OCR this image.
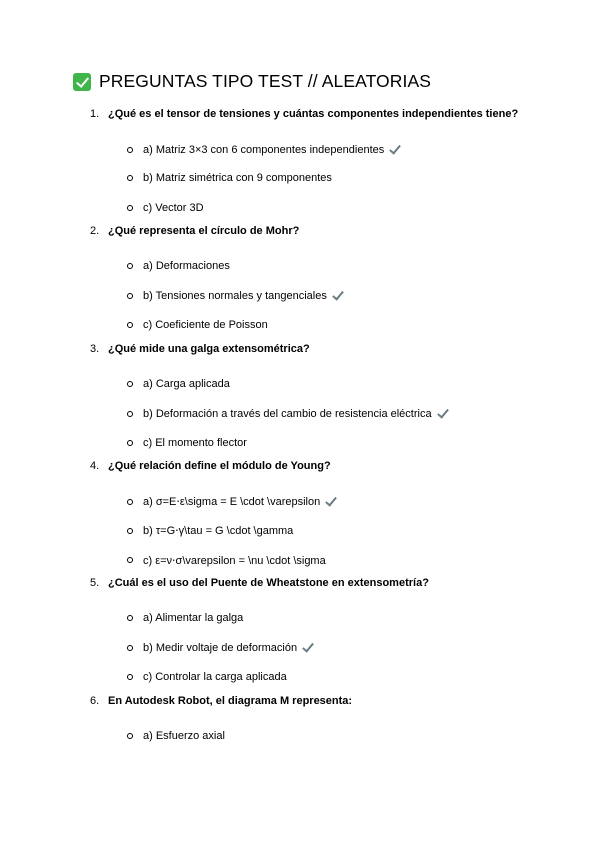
PREGUNTAS TIPO TEST // ALEATORIAS
1. ¿Qué es el tensor de tensiones y cuántas componentes independientes tiene?
a) Matriz 3×3 con 6 componentes independientes
b) Matriz simétrica con 9 componentes
c) Vector 3D
2. ¿Qué representa el círculo de Mohr?
a) Deformaciones
b) Tensiones normales y tangenciales
c) Coeficiente de Poisson
3. ¿Qué mide una galga extensométrica?
a) Carga aplicada
b) Deformación a través del cambio de resistencia eléctrica
c) El momento flector
4. ¿Qué relación define el módulo de Young?
a) σ=E⋅ε\sigma = E \cdot \varepsilon
b) τ=G⋅γ\tau = G \cdot \gamma
c) ε=ν⋅σ\varepsilon = \nu \cdot \sigma
5. ¿Cuál es el uso del Puente de Wheatstone en extensometría?
a) Alimentar la galga
b) Medir voltaje de deformación
c) Controlar la carga aplicada
6. En Autodesk Robot, el diagrama M representa:
a) Esfuerzo axial
